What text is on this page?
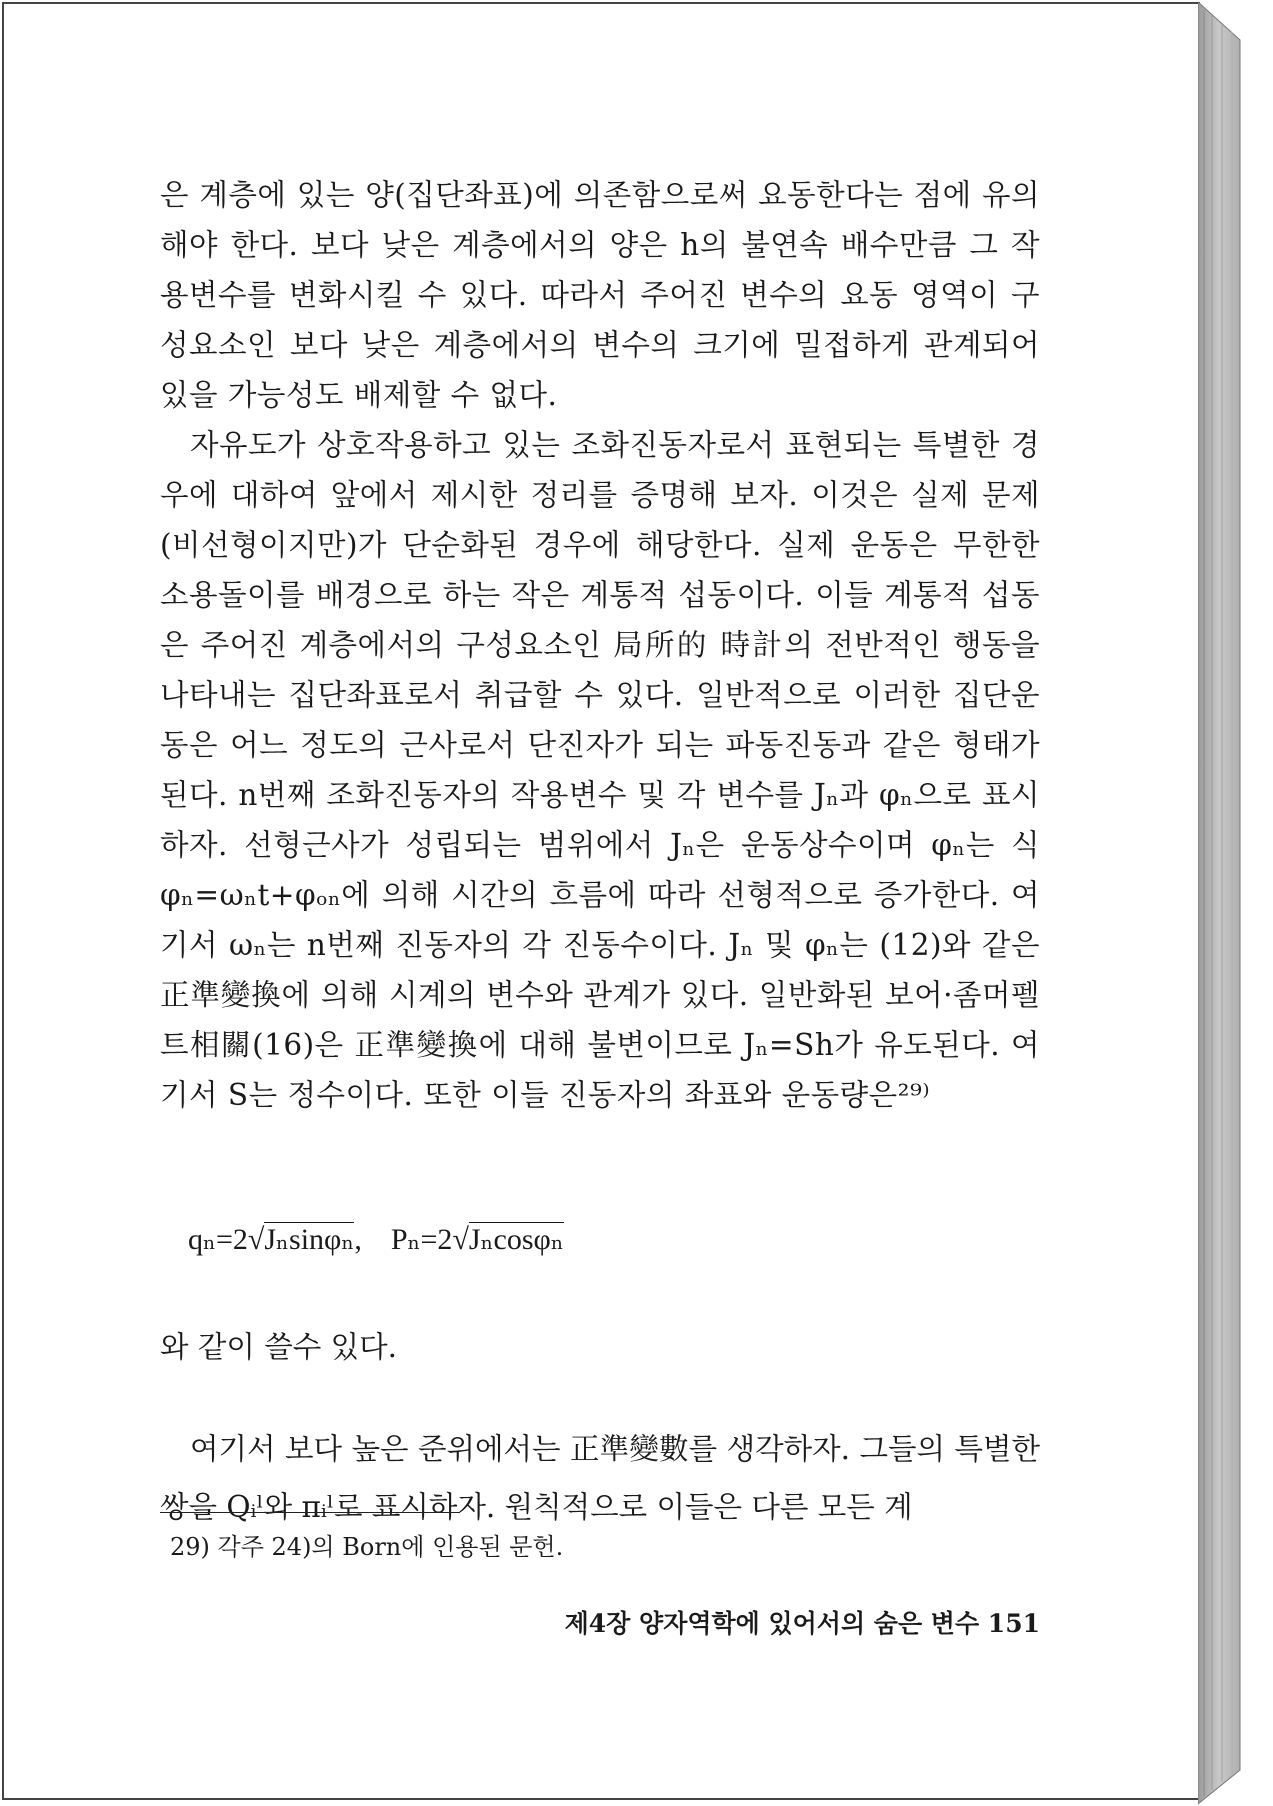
은 계층에 있는 양(집단좌표)에 의존함으로써 요동한다는 점에 유의해야 한다. 보다 낮은 계층에서의 양은 h의 불연속 배수만큼 그 작용변수를 변화시킬 수 있다. 따라서 주어진 변수의 요동 영역이 구성요소인 보다 낮은 계층에서의 변수의 크기에 밀접하게 관계되어 있을 가능성도 배제할 수 없다.

자유도가 상호작용하고 있는 조화진동자로서 표현되는 특별한 경우에 대하여 앞에서 제시한 정리를 증명해 보자. 이것은 실제 문제(비선형이지만)가 단순화된 경우에 해당한다. 실제 운동은 무한한 소용돌이를 배경으로 하는 작은 계통적 섭동이다. 이들 계통적 섭동은 주어진 계층에서의 구성요소인 局所的 時計의 전반적인 행동을 나타내는 집단좌표로서 취급할 수 있다. 일반적으로 이러한 집단운동은 어느 정도의 근사로서 단진자가 되는 파동진동과 같은 형태가 된다. n번째 조화진동자의 작용변수 및 각 변수를 Jₙ과 φₙ으로 표시하자. 선형근사가 성립되는 범위에서 Jₙ은 운동상수이며 φₙ는 식φₙ=ωₙt+φₒₙ에 의해 시간의 흐름에 따라 선형적으로 증가한다. 여기서 ωₙ는 n번째 진동자의 각 진동수이다. Jₙ 및 φₙ는 (12)와 같은 正準變換에 의해 시계의 변수와 관계가 있다. 일반화된 보어·좀머펠트相關(16)은 正準變換에 대해 불변이므로 Jₙ=Sh가 유도된다. 여기서 S는 정수이다. 또한 이들 진동자의 좌표와 운동량은²⁹⁾

qₙ=2√Jₙsinφₙ, Pₙ=2√Jₙcosφₙ
와 같이 쓸수 있다.
여기서 보다 높은 준위에서는 正準變數를 생각하자. 그들의 특별한 쌍을 Qᵢˡ와 πᵢˡ로 표시하자. 원칙적으로 이들은 다른 모든 계
29) 각주 24)의 Born에 인용된 문헌.
제4장 양자역학에 있어서의 숨은 변수 151
